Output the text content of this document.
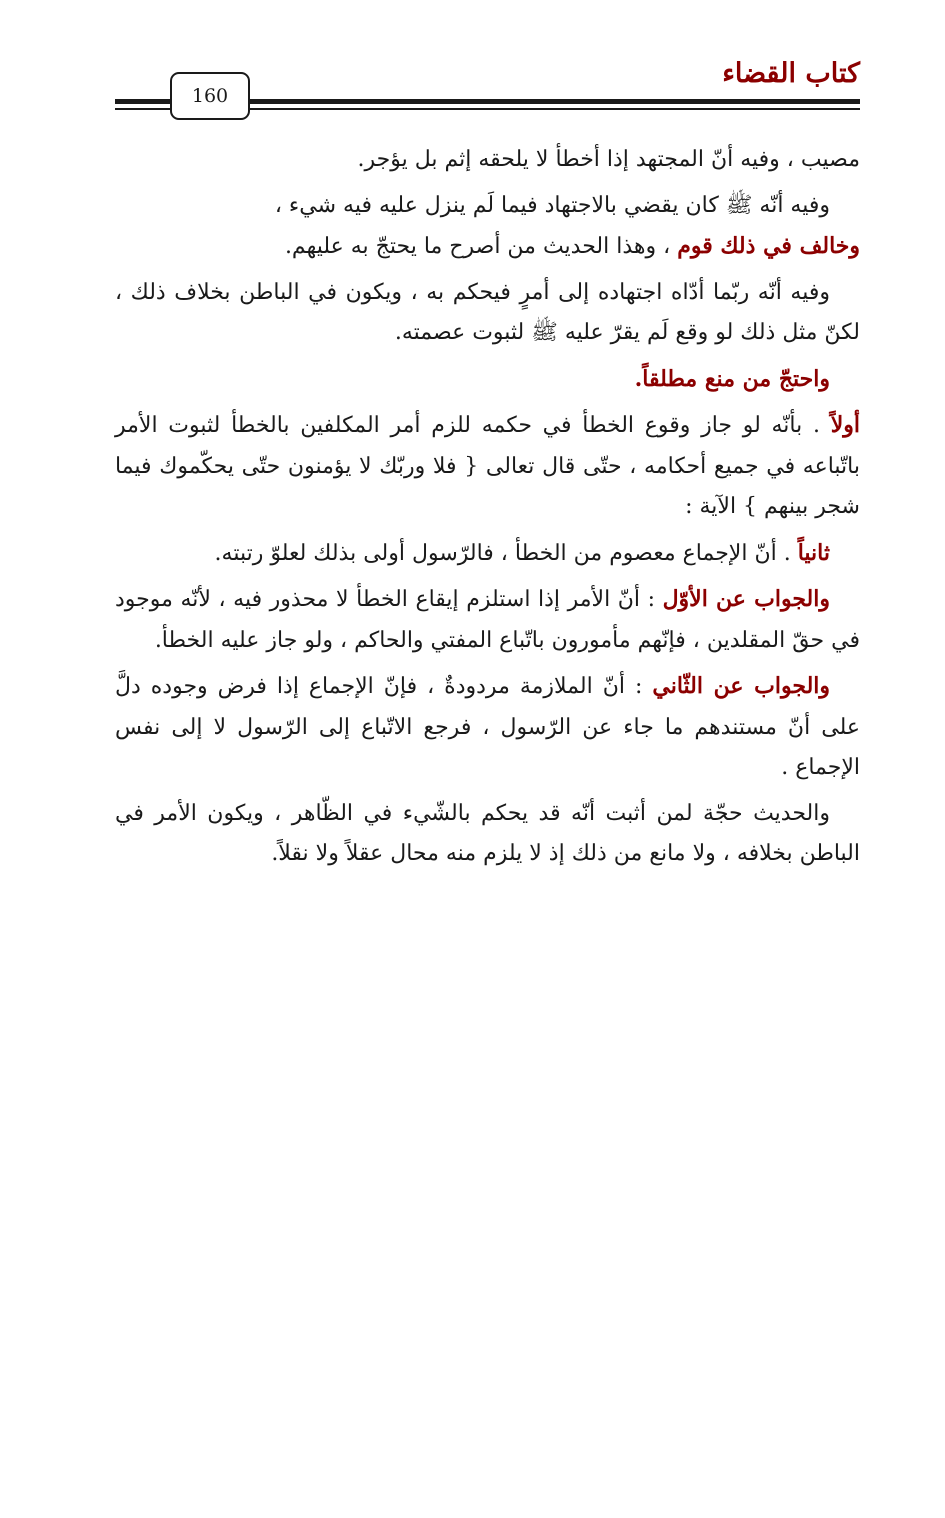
كتاب القضاء
160

مصيب ، وفيه أنّ المجتهد إذا أخطأ لا يلحقه إثم بل يؤجر.

وفيه أنّه ﷺ كان يقضي بالاجتهاد فيما لَم ينزل عليه فيه شيء ،

وخالف في ذلك قوم ، وهذا الحديث من أصرح ما يحتجّ به عليهم.

وفيه أنّه ربّما أدّاه اجتهاده إلى أمرٍ فيحكم به ، ويكون في الباطن بخلاف ذلك ، لكنّ مثل ذلك لو وقع لَم يقرّ عليه ﷺ لثبوت عصمته.

واحتجّ من منع مطلقاً.

أولاً . بأنّه لو جاز وقوع الخطأ في حكمه للزم أمر المكلفين بالخطأ لثبوت الأمر باتّباعه في جميع أحكامه ، حتّى قال تعالى { فلا وربّك لا يؤمنون حتّى يحكّموك فيما شجر بينهم } الآية :

ثانياً . أنّ الإجماع معصوم من الخطأ ، فالرّسول أولى بذلك لعلوّ رتبته.

والجواب عن الأوّل : أنّ الأمر إذا استلزم إيقاع الخطأ لا محذور فيه ، لأنّه موجود في حقّ المقلدين ، فإنّهم مأمورون باتّباع المفتي والحاكم ، ولو جاز عليه الخطأ.

والجواب عن الثّاني : أنّ الملازمة مردودةٌ ، فإنّ الإجماع إذا فرض وجوده دلَّ على أنّ مستندهم ما جاء عن الرّسول ، فرجع الاتّباع إلى الرّسول لا إلى نفس الإجماع .

والحديث حجّة لمن أثبت أنّه قد يحكم بالشّيء في الظّاهر ، ويكون الأمر في الباطن بخلافه ، ولا مانع من ذلك إذ لا يلزم منه محال عقلاً ولا نقلاً.
